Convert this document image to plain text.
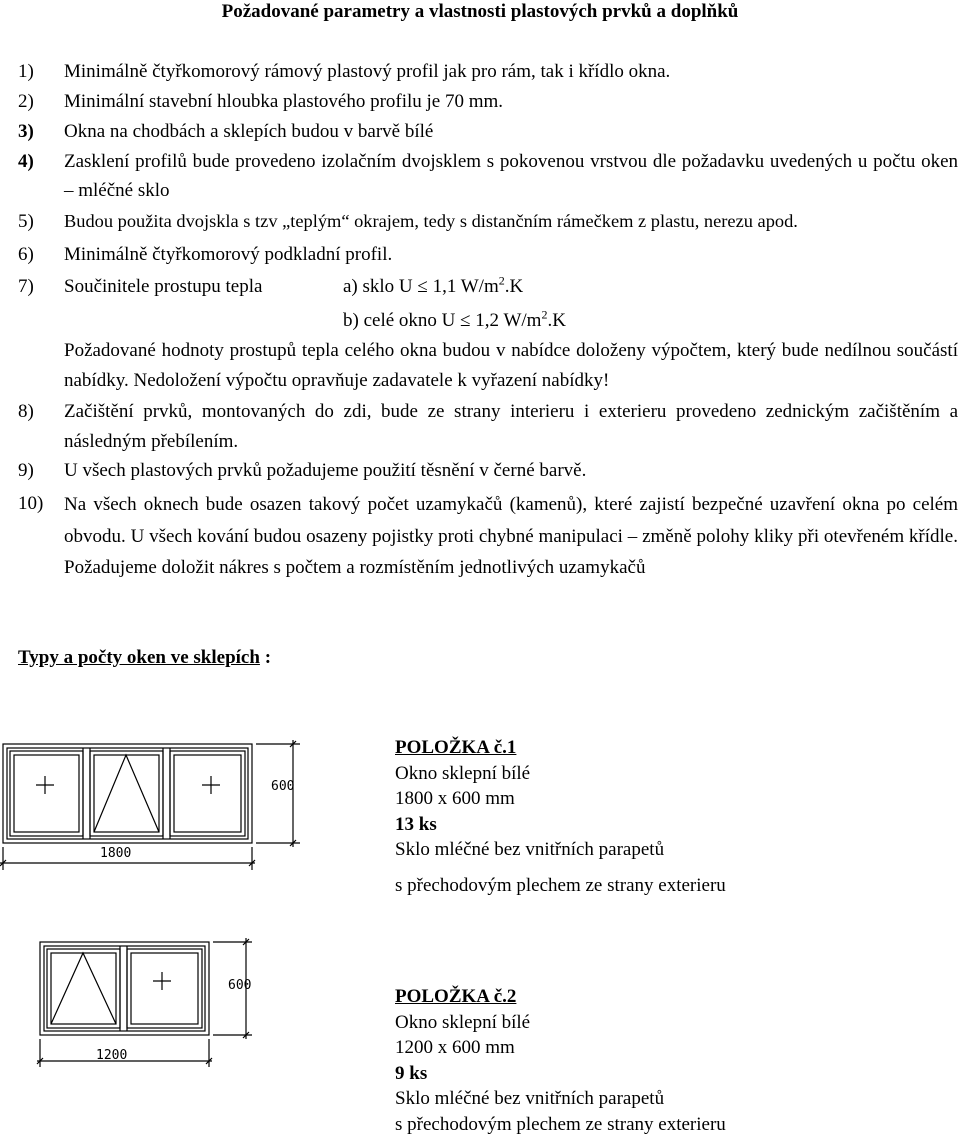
Požadované parametry a vlastnosti plastových prvků a doplňků
1) Minimálně čtyřkomorový rámový plastový profil jak pro rám, tak i křídlo okna.
2) Minimální stavební hloubka plastového profilu je 70 mm.
3) Okna na chodbách a sklepích budou v barvě bílé
4) Zasklení profilů bude provedeno izolačním dvojsklem s pokovenou vrstvou dle požadavku uvedených u počtu oken – mléčné sklo
5) Budou použita dvojskla s tzv „teplým“ okrajem, tedy s distančním rámečkem z plastu, nerezu apod.
6) Minimálně čtyřkomorový podkladní profil.
7) Součinitele prostupu tepla	a) sklo U ≤ 1,1 $W/m^2.K$
b) celé okno U ≤ 1,2 $W/m^2.K$
Požadované hodnoty prostupů tepla celého okna budou v nabídce doloženy výpočtem, který bude nedílnou součástí nabídky. Nedoložení výpočtu opravňuje zadavatele k vyřazení nabídky!
8) Začištění prvků, montovaných do zdi, bude ze strany interieru i exterieru provedeno zednickým začištěním a následným přebílením.
9) U všech plastových prvků požadujeme použití těsnění v černé barvě.
10) Na všech oknech bude osazen takový počet uzamykačů (kamenů), které zajistí bezpečné uzavření okna po celém obvodu. U všech kování budou osazeny pojistky proti chybné manipulaci – změně polohy kliky při otevřeném křídle. Požadujeme doložit nákres s počtem a rozmístěním jednotlivých uzamykačů
Typy a počty oken ve sklepích :
1800
600
POLOŽKA č.1
Okno sklepní bílé
1800 x 600 mm
13 ks
Sklo mléčné bez vnitřních parapetů
s přechodovým plechem ze strany exterieru
1200
600
POLOŽKA č.2
Okno sklepní bílé
1200 x 600 mm
9 ks
Sklo mléčné bez vnitřních parapetů
s přechodovým plechem ze strany exterieru
